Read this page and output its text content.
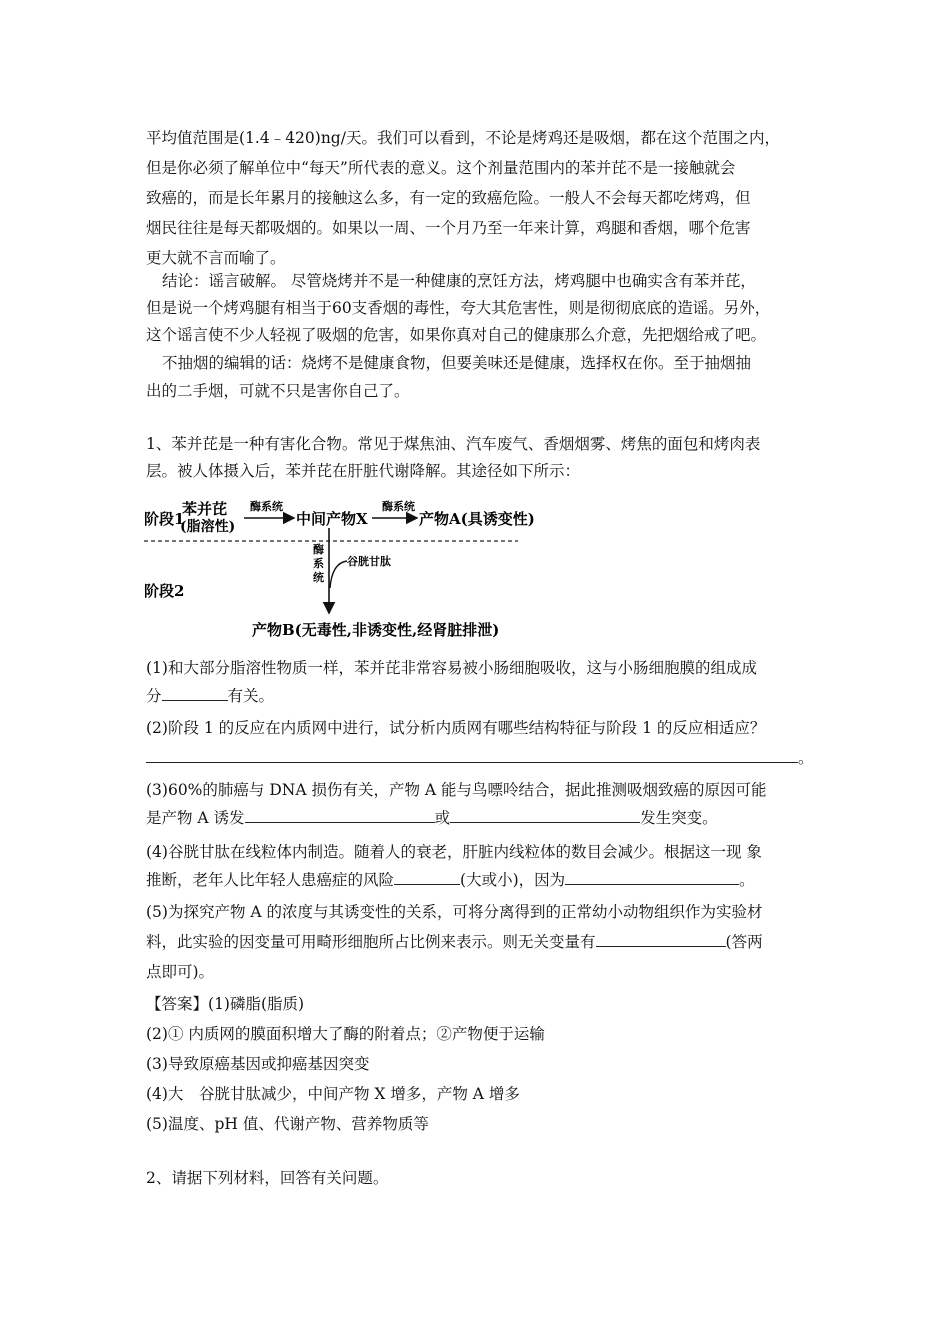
平均值范围是(1.4﹣420)ng/天。我们可以看到，不论是烤鸡还是吸烟，都在这个范围之内，
但是你必须了解单位中“每天”所代表的意义。这个剂量范围内的苯并芘不是一接触就会
致癌的，而是长年累月的接触这么多，有一定的致癌危险。一般人不会每天都吃烤鸡，但
烟民往往是每天都吸烟的。如果以一周、一个月乃至一年来计算，鸡腿和香烟，哪个危害
更大就不言而喻了。
结论：谣言破解。 尽管烧烤并不是一种健康的烹饪方法，烤鸡腿中也确实含有苯并芘，
但是说一个烤鸡腿有相当于60支香烟的毒性，夸大其危害性，则是彻彻底底的造谣。另外，
这个谣言使不少人轻视了吸烟的危害，如果你真对自己的健康那么介意，先把烟给戒了吧。
不抽烟的编辑的话：烧烤不是健康食物，但要美味还是健康，选择权在你。至于抽烟抽
出的二手烟，可就不只是害你自己了。
1、苯并芘是一种有害化合物。常见于煤焦油、汽车废气、香烟烟雾、烤焦的面包和烤肉表
层。被人体摄入后，苯并芘在肝脏代谢降解。其途径如下所示：
阶段1
苯并芘
(脂溶性)
酶系统
中间产物X
酶系统
产物A(具诱变性)
酶
系
统
谷胱甘肽
阶段2
产物B(无毒性,非诱变性,经肾脏排泄)
(1)和大部分脂溶性物质一样，苯并芘非常容易被小肠细胞吸收，这与小肠细胞膜的组成成
分	有关。
(2)阶段 1 的反应在内质网中进行，试分析内质网有哪些结构特征与阶段 1 的反应相适应？
。
(3)60%的肺癌与 DNA 损伤有关，产物 A 能与鸟嘌呤结合，据此推测吸烟致癌的原因可能
是产物 A 诱发	或	发生突变。
(4)谷胱甘肽在线粒体内制造。随着人的衰老，肝脏内线粒体的数目会减少。根据这一现 象
推断，老年人比年轻人患癌症的风险	(大或小)，因为	。
(5)为探究产物 A 的浓度与其诱变性的关系，可将分离得到的正常幼小动物组织作为实验材
料，此实验的因变量可用畸形细胞所占比例来表示。则无关变量有	(答两
点即可)。
【答案】(1)磷脂(脂质)
(2)① 内质网的膜面积增大了酶的附着点；②产物便于运输
(3)导致原癌基因或抑癌基因突变
(4)大　谷胱甘肽减少，中间产物 X 增多，产物 A 增多
(5)温度、pH 值、代谢产物、营养物质等
2、请据下列材料，回答有关问题。
